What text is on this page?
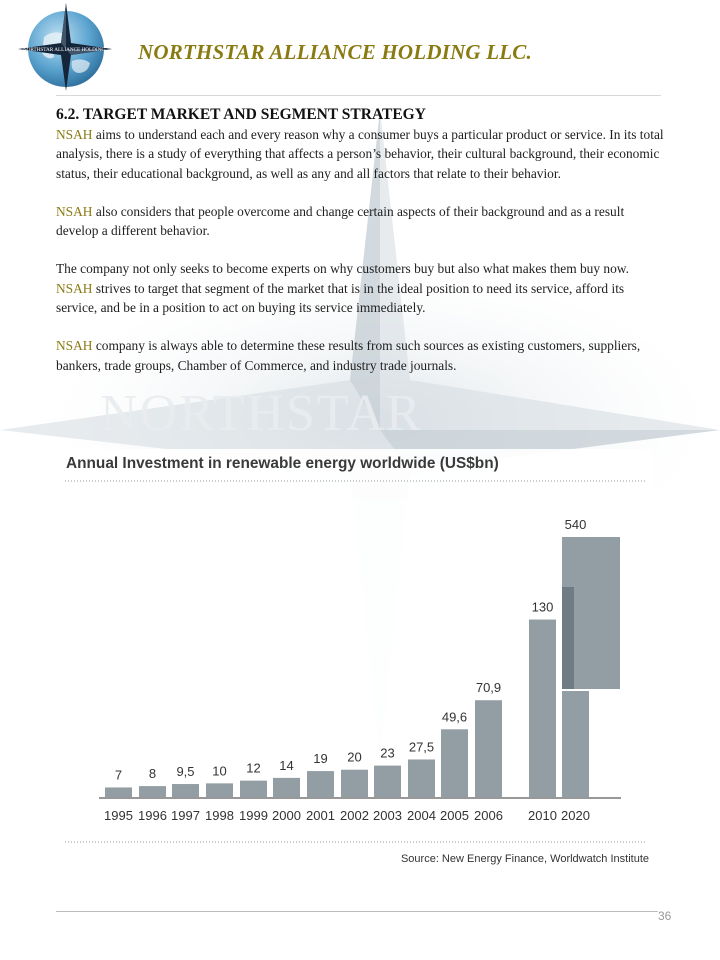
NORTHSTAR
NORTHSTAR ALLIANCE HOLDING NORTHSTAR ALLIANCE HOLDING LLC.
6.2. TARGET MARKET AND SEGMENT STRATEGY

NSAH aims to understand each and every reason why a consumer buys a particular product or service. In its total analysis, there is a study of everything that affects a person’s behavior, their cultural background, their economic status, their educational background, as well as any and all factors that relate to their behavior.

NSAH also considers that people overcome and change certain aspects of their background and as a result develop a different behavior.

The company not only seeks to become experts on why customers buy but also what makes them buy now. NSAH strives to target that segment of the market that is in the ideal position to need its service, afford its service, and be in a position to act on buying its service immediately.

NSAH company is always able to determine these results from such sources as existing customers, suppliers, bankers, trade groups, Chamber of Commerce, and industry trade journals.

7
1995
8
1996
9,5
1997
10
1998
12
1999
14
2000
19
2001
20
2002
23
2003
27,5
2004
49,6
2005
70,9
2006
130
2010
540
2020
Annual Investment in renewable energy worldwide (US$bn)
Source: New Energy Finance, Worldwatch Institute
36
